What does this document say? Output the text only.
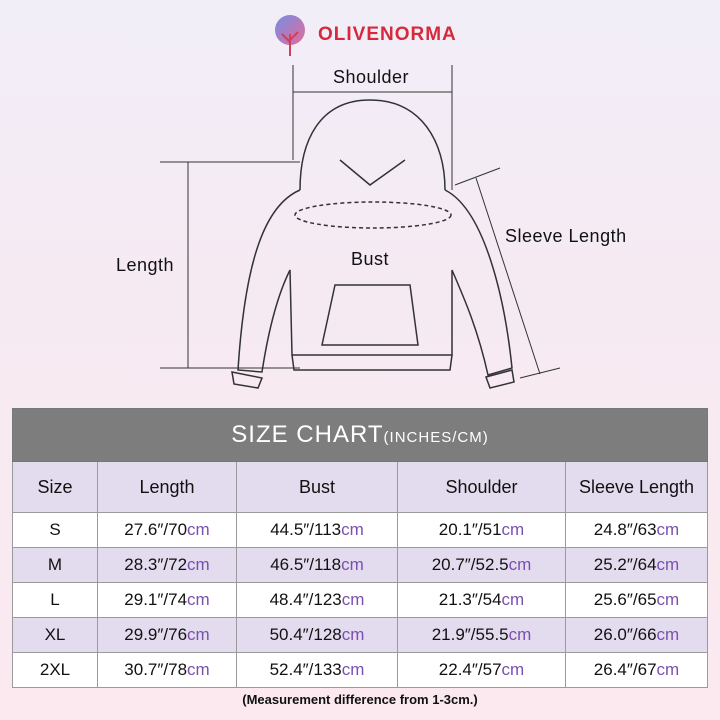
OLIVENORMA
Shoulder
Length	Bust
Sleeve Length
SIZE CHART(INCHES/CM)				
Size	Length	Bust	Shoulder	Sleeve Length
S	27.6″/70cm	44.5″/113cm	20.1″/51cm	24.8″/63cm
M	28.3″/72cm	46.5″/118cm	20.7″/52.5cm	25.2″/64cm
L	29.1″/74cm	48.4″/123cm	21.3″/54cm	25.6″/65cm
XL	29.9″/76cm	50.4″/128cm	21.9″/55.5cm	26.0″/66cm
2XL	30.7″/78cm	52.4″/133cm	22.4″/57cm	26.4″/67cm
(Measurement difference from 1-3cm.)
